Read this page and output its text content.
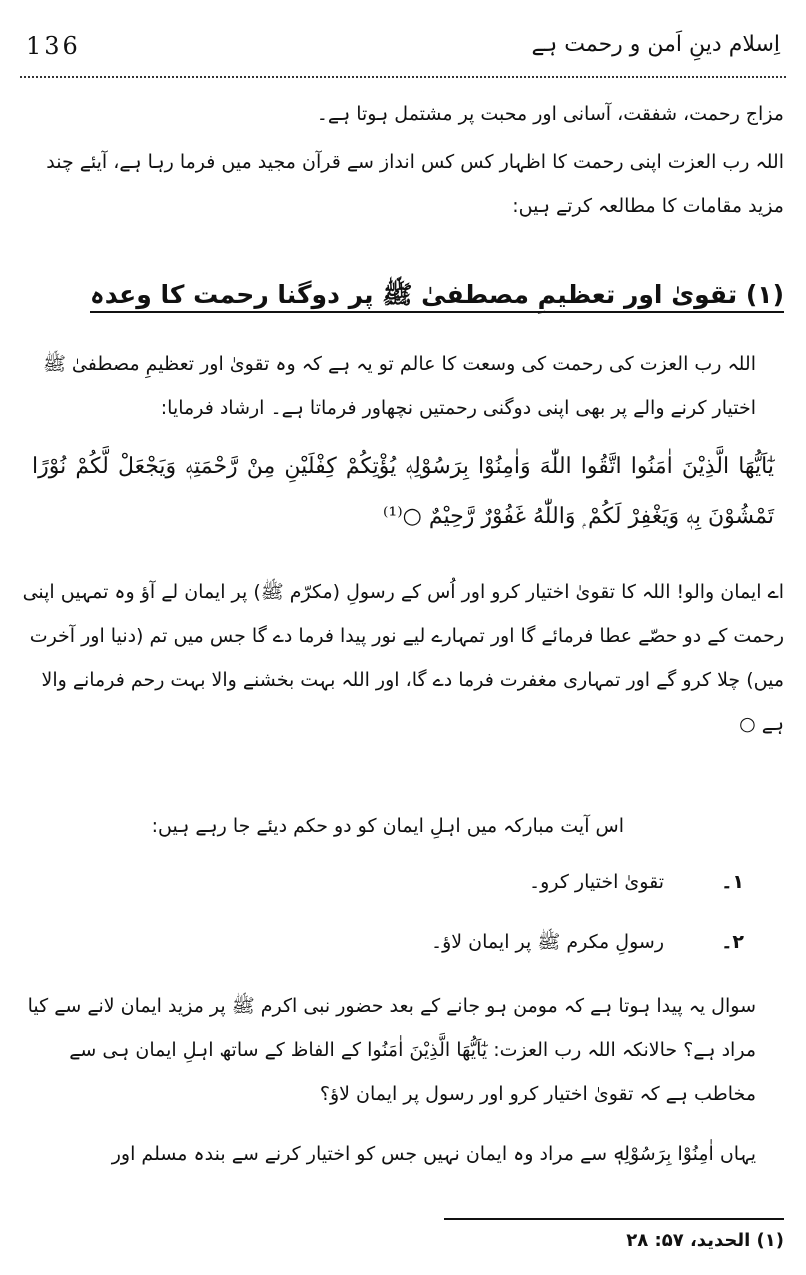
136	اِسلام دینِ اَمن و رحمت ہے
مزاج رحمت، شفقت، آسانی اور محبت پر مشتمل ہوتا ہے۔
اللہ رب العزت اپنی رحمت کا اظہار کس کس انداز سے قرآن مجید میں فرما رہا ہے، آیئے چند مزید مقامات کا مطالعہ کرتے ہیں:
(۱) تقویٰ اور تعظیمِ مصطفیٰ ﷺ پر دوگنا رحمت کا وعدہ
اللہ رب العزت کی رحمت کی وسعت کا عالم تو یہ ہے کہ وہ تقویٰ اور تعظیمِ مصطفیٰ ﷺ اختیار کرنے والے پر بھی اپنی دوگنی رحمتیں نچھاور فرماتا ہے۔ ارشاد فرمایا:
يٰٓاَيُّهَا الَّذِيْنَ اٰمَنُوا اتَّقُوا اللّٰهَ وَاٰمِنُوْا بِرَسُوْلِهٖ يُؤْتِكُمْ كِفْلَيْنِ مِنْ رَّحْمَتِهٖ وَيَجْعَلْ لَّكُمْ نُوْرًا تَمْشُوْنَ بِهٖ وَيَغْفِرْ لَكُمْ ۭ وَاللّٰهُ غَفُوْرٌ رَّحِيْمٌ ○⁽¹⁾
اے ایمان والو! اللہ کا تقویٰ اختیار کرو اور اُس کے رسولِ (مکرّم ﷺ) پر ایمان لے آؤ وہ تمہیں اپنی رحمت کے دو حصّے عطا فرمائے گا اور تمہارے لیے نور پیدا فرما دے گا جس میں تم (دنیا اور آخرت میں) چلا کرو گے اور تمہاری مغفرت فرما دے گا، اور اللہ بہت بخشنے والا بہت رحم فرمانے والا ہے ○
اس آیت مبارکہ میں اہلِ ایمان کو دو حکم دیئے جا رہے ہیں:
۱۔تقویٰ اختیار کرو۔
۲۔رسولِ مکرم ﷺ پر ایمان لاؤ۔
سوال یہ پیدا ہوتا ہے کہ مومن ہو جانے کے بعد حضور نبی اکرم ﷺ پر مزید ایمان لانے سے کیا مراد ہے؟ حالانکہ اللہ رب العزت: يٰٓاَيُّهَا الَّذِيْنَ اٰمَنُوا کے الفاظ کے ساتھ اہلِ ایمان ہی سے مخاطب ہے کہ تقویٰ اختیار کرو اور رسول پر ایمان لاؤ؟
یہاں اٰمِنُوْا بِرَسُوْلِهٖ سے مراد وہ ایمان نہیں جس کو اختیار کرنے سے بندہ مسلم اور
(۱) الحدید، ۵۷: ۲۸
